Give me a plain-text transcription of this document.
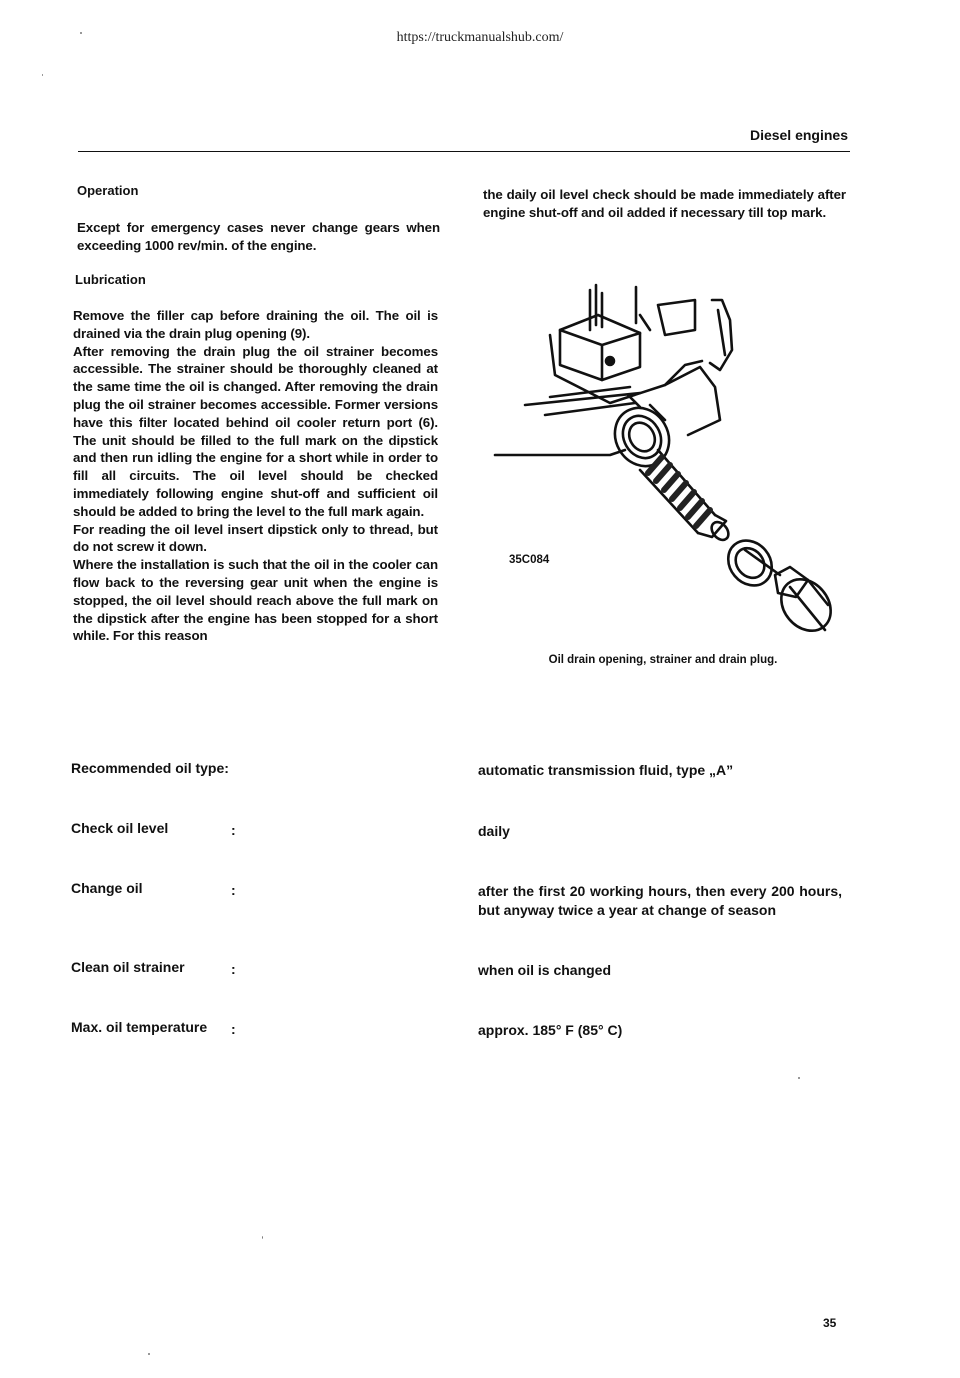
https://truckmanualshub.com/
Diesel engines
Operation
Except for emergency cases never change gears when exceeding 1000 rev/min. of the engine.
Lubrication
Remove the filler cap before draining the oil. The oil is drained via the drain plug opening (9).
After removing the drain plug the oil strainer becomes accessible. The strainer should be thoroughly cleaned at the same time the oil is changed. After removing the drain plug the oil strainer becomes accessible. Former versions have this filter located behind oil cooler return port (6). The unit should be filled to the full mark on the dipstick and then run idling the engine for a short while in order to fill all circuits. The oil level should be checked immediately following engine shut-off and sufficient oil should be added to bring the level to the full mark again.
For reading the oil level insert dipstick only to thread, but do not screw it down.
Where the installation is such that the oil in the cooler can flow back to the reversing gear unit when the engine is stopped, the oil level should reach above the full mark on the dipstick after the engine has been stopped for a short while. For this reason
the daily oil level check should be made immediately after engine shut-off and oil added if necessary till top mark.
35C084
Oil drain opening, strainer and drain plug.
Recommended oil type:	automatic transmission fluid, type „A”
Check oil level	:	daily
Change oil	:	after the first 20 working hours, then every 200 hours, but anyway twice a year at change of season
Clean oil strainer	:	when oil is changed
Max. oil temperature :	approx. 185° F (85° C)
35
